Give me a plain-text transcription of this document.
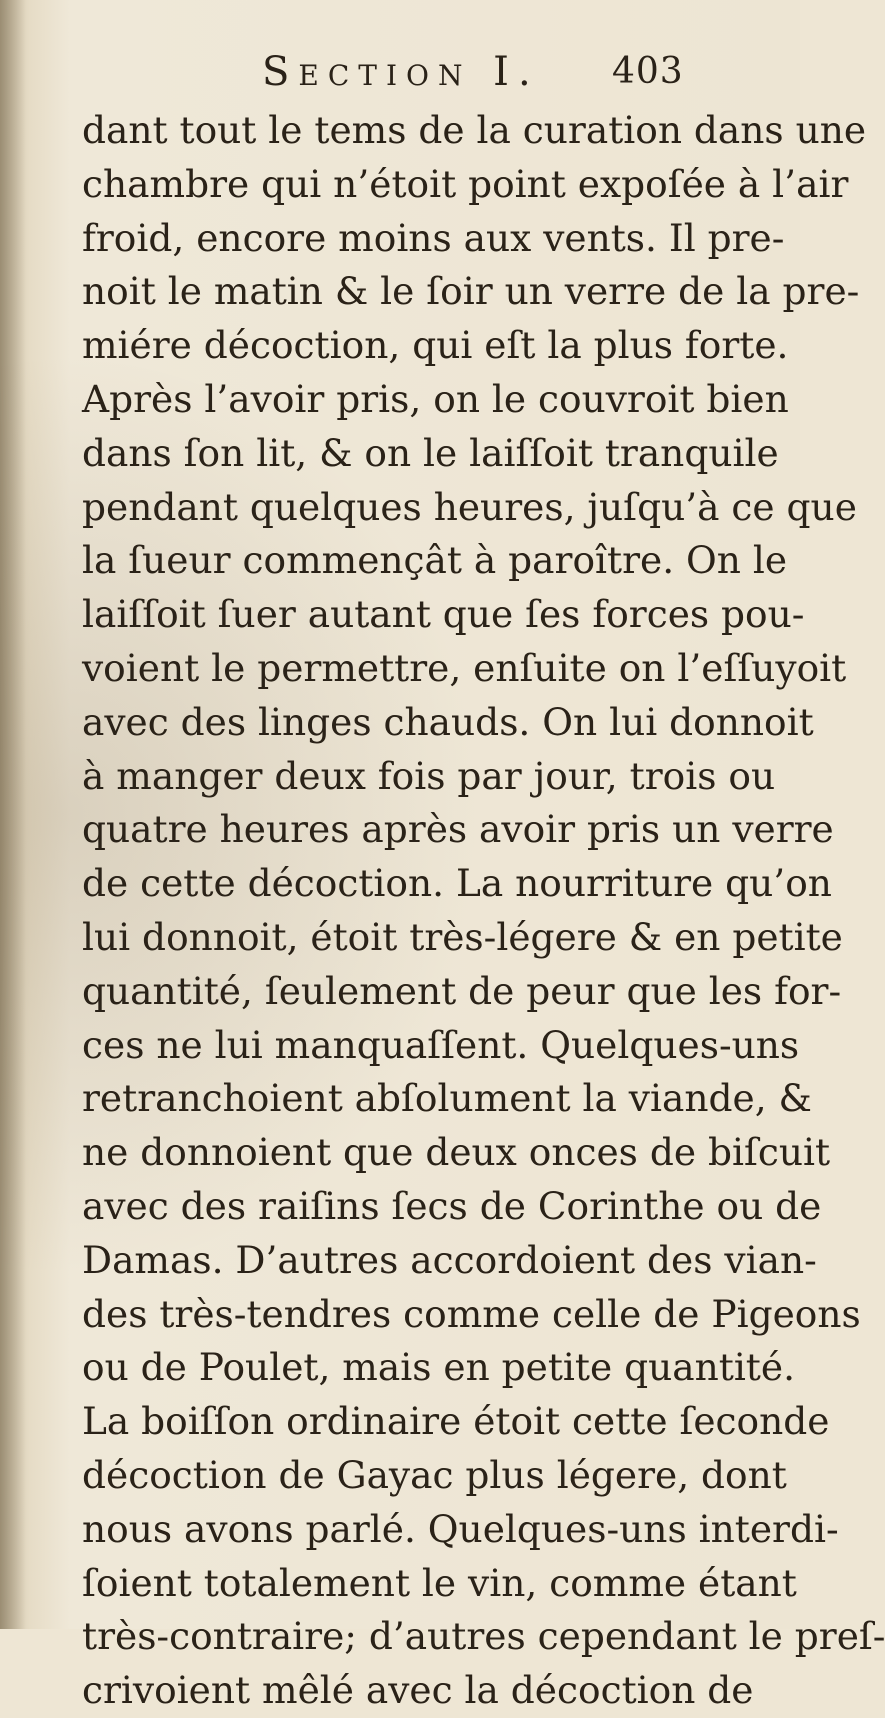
Section I. 403
dant tout le tems de la curation dans une
chambre qui n’étoit point expoſée à l’air
froid, encore moins aux vents. Il pre-
noit le matin & le ſoir un verre de la pre-
miére décoction, qui eſt la plus forte.
Après l’avoir pris, on le couvroit bien
dans ſon lit, & on le laiſſoit tranquile
pendant quelques heures, juſqu’à ce que
la ſueur commençât à paroître. On le
laiſſoit ſuer autant que ſes forces pou-
voient le permettre, enſuite on l’eſſuyoit
avec des linges chauds. On lui donnoit
à manger deux fois par jour, trois ou
quatre heures après avoir pris un verre
de cette décoction. La nourriture qu’on
lui donnoit, étoit très-légere & en petite
quantité, ſeulement de peur que les for-
ces ne lui manquaſſent. Quelques-uns
retranchoient abſolument la viande, &
ne donnoient que deux onces de biſcuit
avec des raiſins ſecs de Corinthe ou de
Damas. D’autres accordoient des vian-
des très-tendres comme celle de Pigeons
ou de Poulet, mais en petite quantité.
La boiſſon ordinaire étoit cette ſeconde
décoction de Gayac plus légere, dont
nous avons parlé. Quelques-uns interdi-
ſoient totalement le vin, comme étant
très-contraire; d’autres cependant le preſ-
crivoient mêlé avec la décoction de
